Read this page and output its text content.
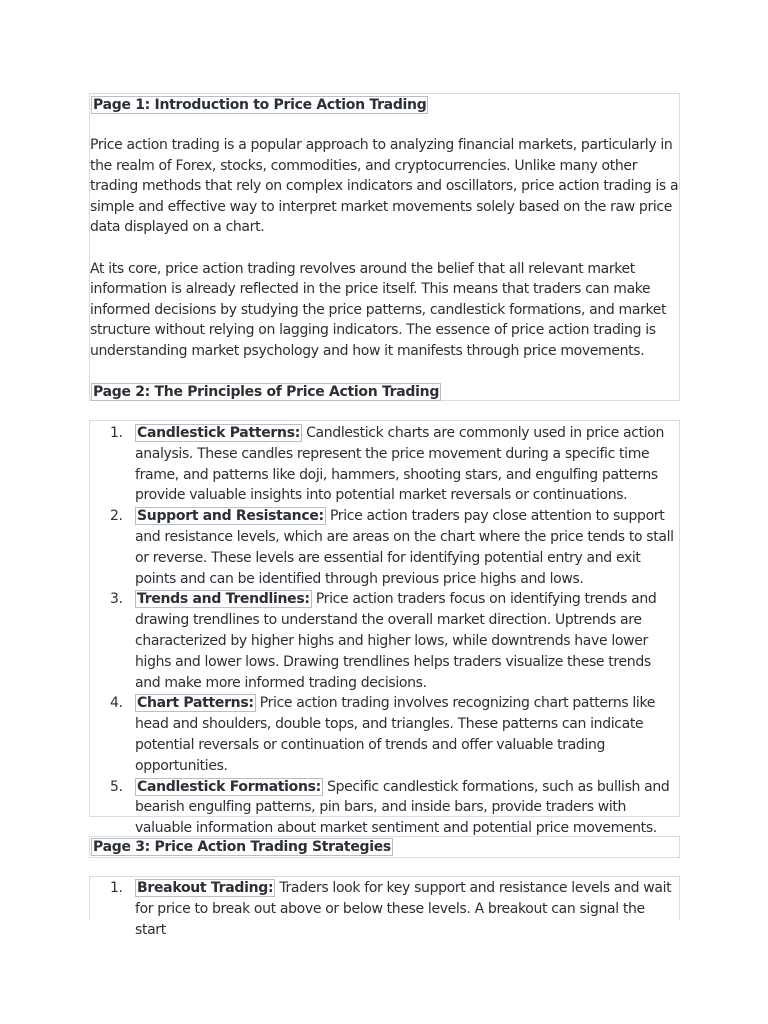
Page 1: Introduction to Price Action Trading

Price action trading is a popular approach to analyzing financial markets, particularly in the realm of Forex, stocks, commodities, and cryptocurrencies. Unlike many other trading methods that rely on complex indicators and oscillators, price action trading is a simple and effective way to interpret market movements solely based on the raw price data displayed on a chart.

At its core, price action trading revolves around the belief that all relevant market information is already reflected in the price itself. This means that traders can make informed decisions by studying the price patterns, candlestick formations, and market structure without relying on lagging indicators. The essence of price action trading is understanding market psychology and how it manifests through price movements.

Page 2: The Principles of Price Action Trading
1. Candlestick Patterns: Candlestick charts are commonly used in price action analysis. These candles represent the price movement during a specific time frame, and patterns like doji, hammers, shooting stars, and engulfing patterns provide valuable insights into potential market reversals or continuations.
2. Support and Resistance: Price action traders pay close attention to support and resistance levels, which are areas on the chart where the price tends to stall or reverse. These levels are essential for identifying potential entry and exit points and can be identified through previous price highs and lows.
3. Trends and Trendlines: Price action traders focus on identifying trends and drawing trendlines to understand the overall market direction. Uptrends are characterized by higher highs and higher lows, while downtrends have lower highs and lower lows. Drawing trendlines helps traders visualize these trends and make more informed trading decisions.
4. Chart Patterns: Price action trading involves recognizing chart patterns like head and shoulders, double tops, and triangles. These patterns can indicate potential reversals or continuation of trends and offer valuable trading opportunities.
5. Candlestick Formations: Specific candlestick formations, such as bullish and bearish engulfing patterns, pin bars, and inside bars, provide traders with valuable information about market sentiment and potential price movements.
Page 3: Price Action Trading Strategies
1. Breakout Trading: Traders look for key support and resistance levels and wait for price to break out above or below these levels. A breakout can signal the start
